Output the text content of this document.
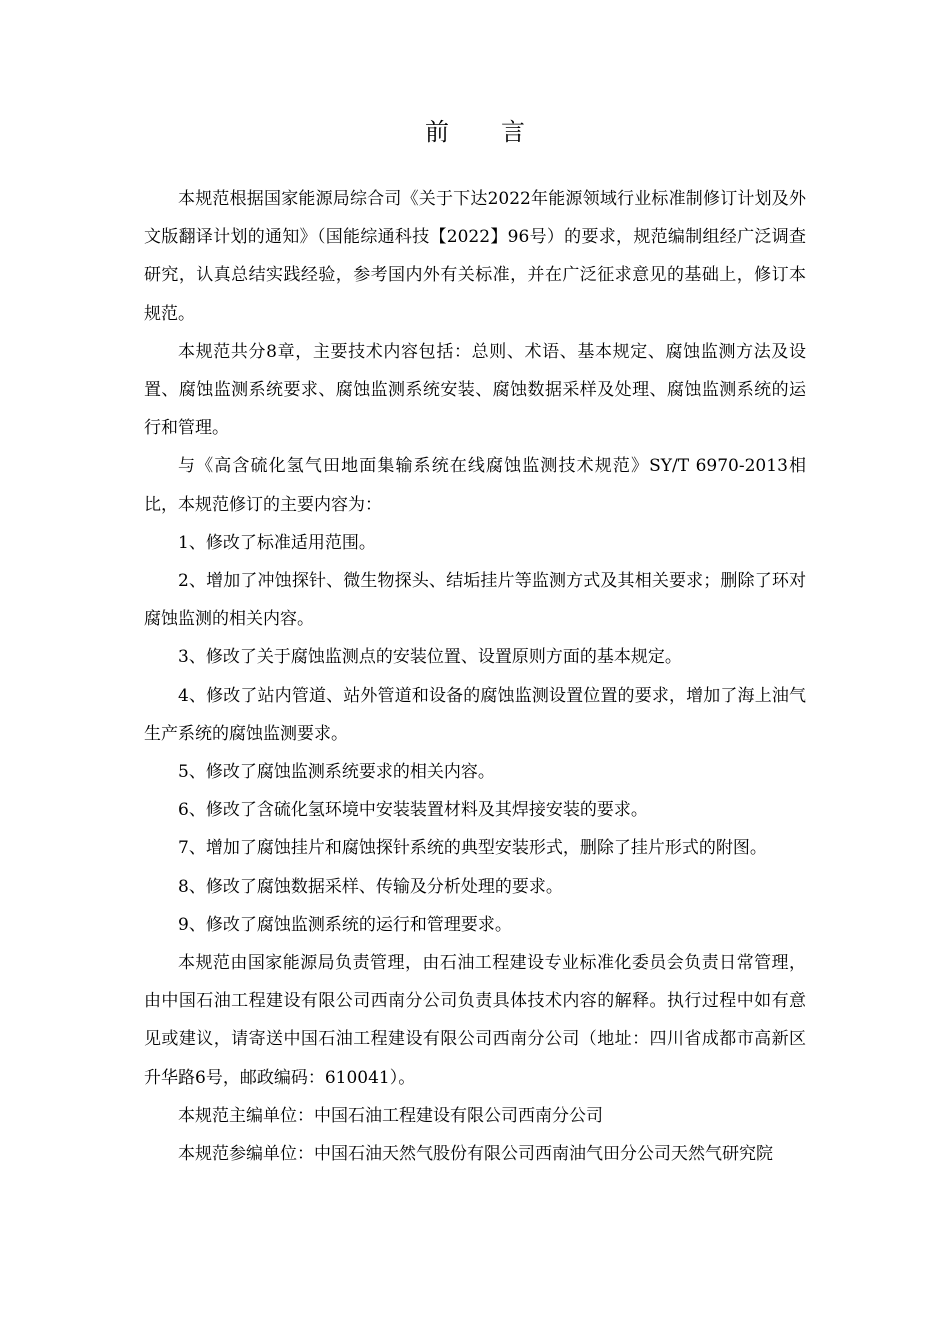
前言

本规范根据国家能源局综合司《关于下达2022年能源领域行业标准制修订计划及外文版翻译计划的通知》（国能综通科技【2022】96号）的要求，规范编制组经广泛调查研究，认真总结实践经验，参考国内外有关标准，并在广泛征求意见的基础上，修订本规范。

本规范共分8章，主要技术内容包括：总则、术语、基本规定、腐蚀监测方法及设置、腐蚀监测系统要求、腐蚀监测系统安装、腐蚀数据采样及处理、腐蚀监测系统的运行和管理。

与《高含硫化氢气田地面集输系统在线腐蚀监测技术规范》SY/T 6970-2013相比，本规范修订的主要内容为：

1、修改了标准适用范围。

2、增加了冲蚀探针、微生物探头、结垢挂片等监测方式及其相关要求；删除了环对腐蚀监测的相关内容。

3、修改了关于腐蚀监测点的安装位置、设置原则方面的基本规定。

4、修改了站内管道、站外管道和设备的腐蚀监测设置位置的要求，增加了海上油气生产系统的腐蚀监测要求。

5、修改了腐蚀监测系统要求的相关内容。

6、修改了含硫化氢环境中安装装置材料及其焊接安装的要求。

7、增加了腐蚀挂片和腐蚀探针系统的典型安装形式，删除了挂片形式的附图。

8、修改了腐蚀数据采样、传输及分析处理的要求。

9、修改了腐蚀监测系统的运行和管理要求。

本规范由国家能源局负责管理，由石油工程建设专业标准化委员会负责日常管理，由中国石油工程建设有限公司西南分公司负责具体技术内容的解释。执行过程中如有意见或建议，请寄送中国石油工程建设有限公司西南分公司（地址：四川省成都市高新区升华路6号，邮政编码：610041）。

本规范主编单位： 中国石油工程建设有限公司西南分公司
本规范参编单位： 中国石油天然气股份有限公司西南油气田分公司天然气研究院
